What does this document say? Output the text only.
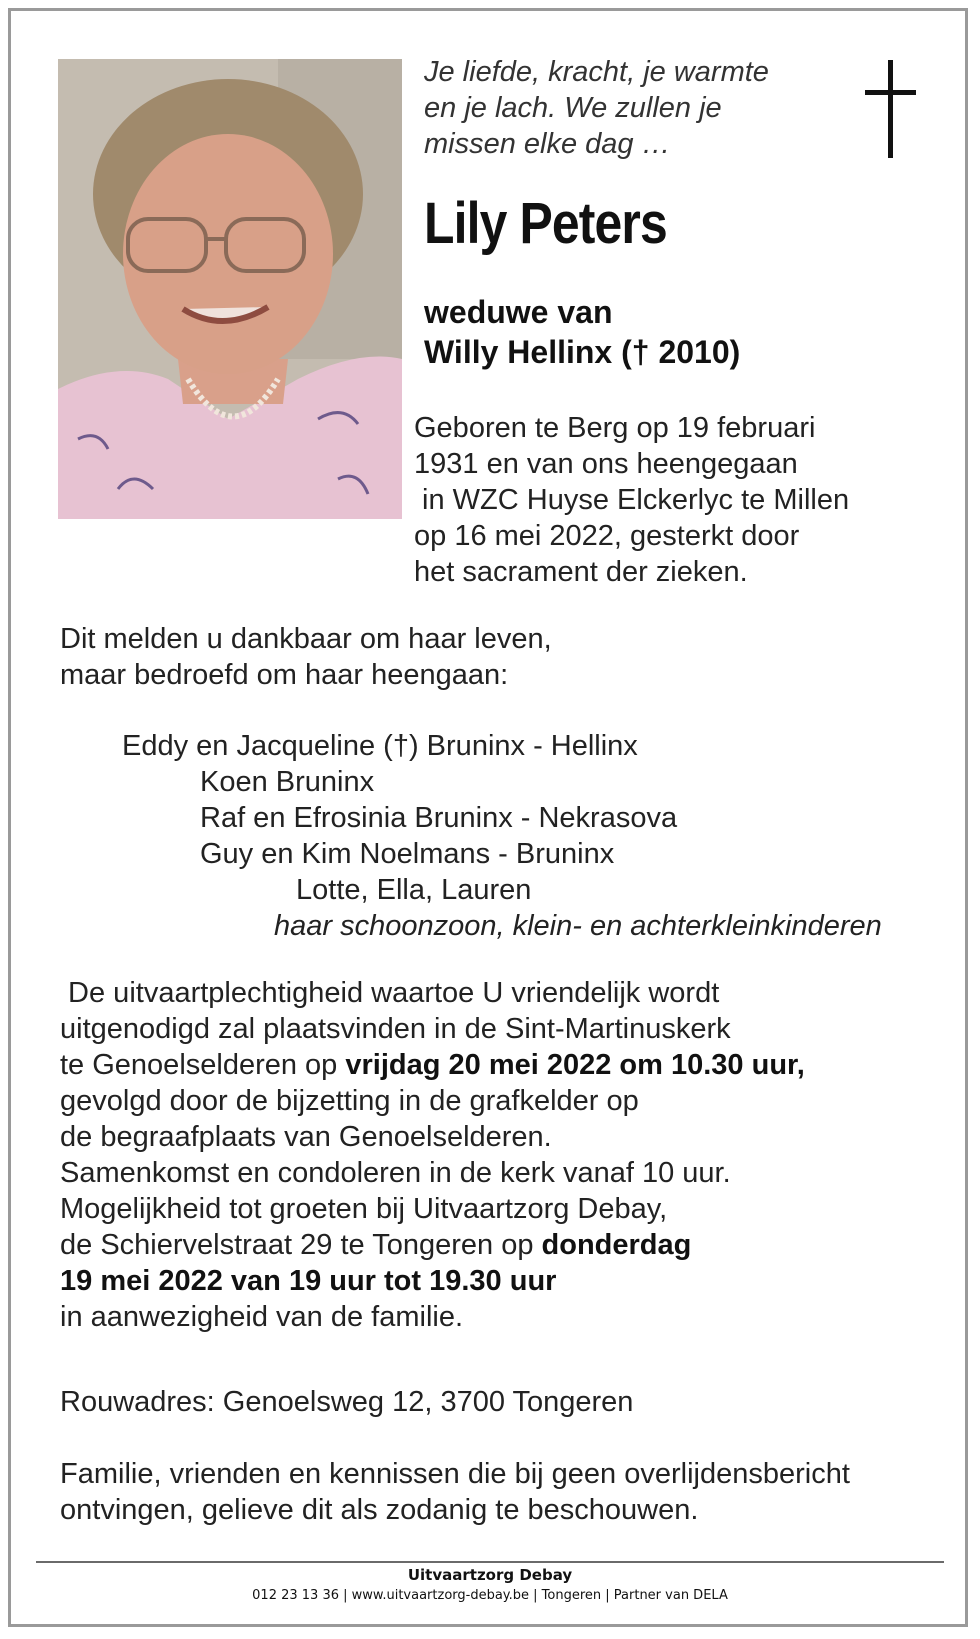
Je liefde, kracht, je warmte
en je lach. We zullen je
missen elke dag …
Lily Peters
weduwe van
Willy Hellinx († 2010)
Geboren te Berg op 19 februari
1931 en van ons heengegaan
in WZC Huyse Elckerlyc te Millen
op 16 mei 2022, gesterkt door
het sacrament der zieken.
Dit melden u dankbaar om haar leven,
maar bedroefd om haar heengaan:
Eddy en Jacqueline (†) Bruninx - Hellinx
Koen Bruninx
Raf en Efrosinia Bruninx - Nekrasova
Guy en Kim Noelmans - Bruninx
Lotte, Ella, Lauren
haar schoonzoon, klein- en achterkleinkinderen
De uitvaartplechtigheid waartoe U vriendelijk wordt
uitgenodigd zal plaatsvinden in de Sint-Martinuskerk
te Genoelselderen op vrijdag 20 mei 2022 om 10.30 uur,
gevolgd door de bijzetting in de grafkelder op
de begraafplaats van Genoelselderen.
Samenkomst en condoleren in de kerk vanaf 10 uur.
Mogelijkheid tot groeten bij Uitvaartzorg Debay,
de Schiervelstraat 29 te Tongeren op donderdag
19 mei 2022 van 19 uur tot 19.30 uur
in aanwezigheid van de familie.
Rouwadres: Genoelsweg 12, 3700 Tongeren
Familie, vrienden en kennissen die bij geen overlijdensbericht
ontvingen, gelieve dit als zodanig te beschouwen.
Uitvaartzorg Debay
012 23 13 36 | www.uitvaartzorg-debay.be | Tongeren | Partner van DELA
